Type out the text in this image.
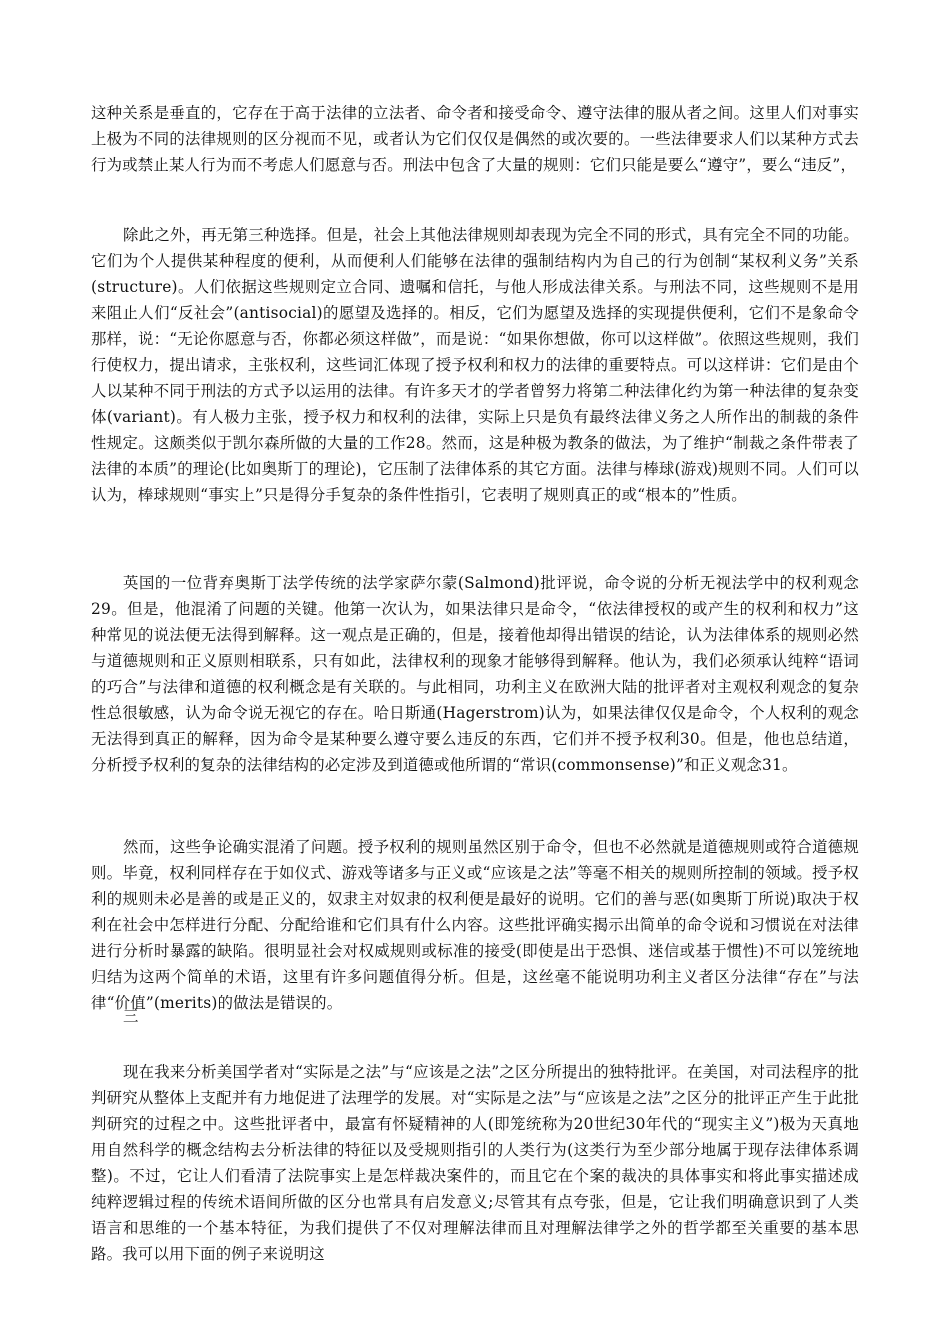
这种关系是垂直的，它存在于高于法律的立法者、命令者和接受命令、遵守法律的服从者之间。这里人们对事实上极为不同的法律规则的区分视而不见，或者认为它们仅仅是偶然的或次要的。一些法律要求人们以某种方式去行为或禁止某人行为而不考虑人们愿意与否。刑法中包含了大量的规则：它们只能是要么“遵守”，要么“违反”，

除此之外，再无第三种选择。但是，社会上其他法律规则却表现为完全不同的形式，具有完全不同的功能。它们为个人提供某种程度的便利，从而便利人们能够在法律的强制结构内为自己的行为创制“某权利义务”关系(structure)。人们依据这些规则定立合同、遗嘱和信托，与他人形成法律关系。与刑法不同，这些规则不是用来阻止人们“反社会”(antisocial)的愿望及选择的。相反，它们为愿望及选择的实现提供便利，它们不是象命令那样，说：“无论你愿意与否，你都必须这样做”，而是说：“如果你想做，你可以这样做”。依照这些规则，我们行使权力，提出请求，主张权利，这些词汇体现了授予权利和权力的法律的重要特点。可以这样讲：它们是由个人以某种不同于刑法的方式予以运用的法律。有许多天才的学者曾努力将第二种法律化约为第一种法律的复杂变体(variant)。有人极力主张，授予权力和权利的法律，实际上只是负有最终法律义务之人所作出的制裁的条件性规定。这颇类似于凯尔森所做的大量的工作28。然而，这是种极为教条的做法，为了维护“制裁之条件带表了法律的本质”的理论(比如奥斯丁的理论)，它压制了法律体系的其它方面。法律与棒球(游戏)规则不同。人们可以认为，棒球规则“事实上”只是得分手复杂的条件性指引，它表明了规则真正的或“根本的”性质。

英国的一位背弃奥斯丁法学传统的法学家萨尔蒙(Salmond)批评说，命令说的分析无视法学中的权利观念29。但是，他混淆了问题的关键。他第一次认为，如果法律只是命令，“依法律授权的或产生的权利和权力”这种常见的说法便无法得到解释。这一观点是正确的，但是，接着他却得出错误的结论，认为法律体系的规则必然与道德规则和正义原则相联系，只有如此，法律权利的现象才能够得到解释。他认为，我们必须承认纯粹“语词的巧合”与法律和道德的权利概念是有关联的。与此相同，功利主义在欧洲大陆的批评者对主观权利观念的复杂性总很敏感，认为命令说无视它的存在。哈日斯通(Hagerstrom)认为，如果法律仅仅是命令，个人权利的观念无法得到真正的解释，因为命令是某种要么遵守要么违反的东西，它们并不授予权利30。但是，他也总结道，分析授予权利的复杂的法律结构的必定涉及到道德或他所谓的“常识(commonsense)”和正义观念31。

然而，这些争论确实混淆了问题。授予权利的规则虽然区别于命令，但也不必然就是道德规则或符合道德规则。毕竟，权利同样存在于如仪式、游戏等诸多与正义或“应该是之法”等毫不相关的规则所控制的领域。授予权利的规则未必是善的或是正义的，奴隶主对奴隶的权利便是最好的说明。它们的善与恶(如奥斯丁所说)取决于权利在社会中怎样进行分配、分配给谁和它们具有什么内容。这些批评确实揭示出简单的命令说和习惯说在对法律进行分析时暴露的缺陷。很明显社会对权威规则或标准的接受(即使是出于恐惧、迷信或基于惯性)不可以笼统地归结为这两个简单的术语，这里有许多问题值得分析。但是，这丝毫不能说明功利主义者区分法律“存在”与法律“价值”(merits)的做法是错误的。

三

现在我来分析美国学者对“实际是之法”与“应该是之法”之区分所提出的独特批评。在美国，对司法程序的批判研究从整体上支配并有力地促进了法理学的发展。对“实际是之法”与“应该是之法”之区分的批评正产生于此批判研究的过程之中。这些批评者中，最富有怀疑精神的人(即笼统称为20世纪30年代的“现实主义”)极为天真地用自然科学的概念结构去分析法律的特征以及受规则指引的人类行为(这类行为至少部分地属于现存法律体系调整)。不过，它让人们看清了法院事实上是怎样裁决案件的，而且它在个案的裁决的具体事实和将此事实描述成纯粹逻辑过程的传统术语间所做的区分也常具有启发意义;尽管其有点夸张，但是，它让我们明确意识到了人类语言和思维的一个基本特征，为我们提供了不仅对理解法律而且对理解法律学之外的哲学都至关重要的基本思路。我可以用下面的例子来说明这
